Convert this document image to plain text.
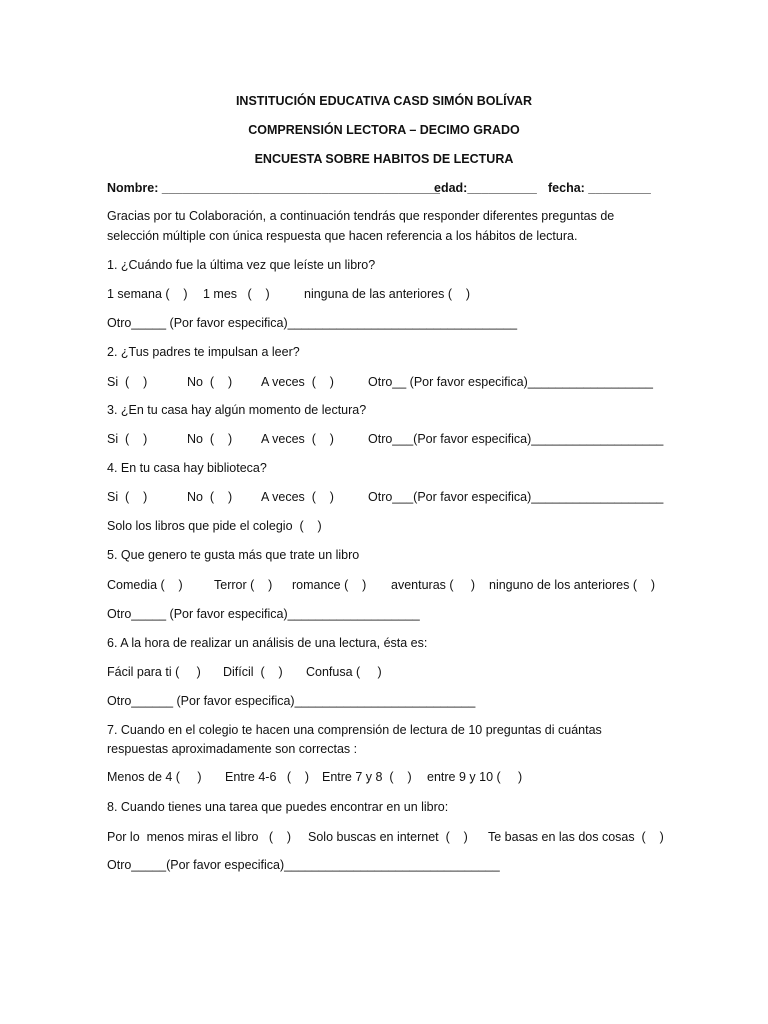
INSTITUCIÓN EDUCATIVA CASD SIMÓN BOLÍVAR
COMPRENSIÓN LECTORA – DECIMO GRADO
ENCUESTA SOBRE HABITOS DE LECTURA
Nombre: ________________________________________
edad:__________ fecha: _________
Gracias por tu Colaboración, a continuación tendrás que responder diferentes preguntas de
selección múltiple con única respuesta que hacen referencia a los hábitos de lectura.
1. ¿Cuándo fue la última vez que leíste un libro?
1 semana (    ) 1 mes   (    )	ninguna de las anteriores (    )
Otro_____ (Por favor especifica)_________________________________
2. ¿Tus padres te impulsan a leer?
Si  (    )	No  (    ) A veces  (    )	Otro__ (Por favor especifica)__________________
3. ¿En tu casa hay algún momento de lectura?
Si  (    )	No  (    ) A veces  (    )	Otro___(Por favor especifica)___________________
4. En tu casa hay biblioteca?
Si  (    )	No  (    ) A veces  (    )	Otro___(Por favor especifica)___________________
Solo los libros que pide el colegio  (    )
5. Que genero te gusta más que trate un libro
Comedia (    )	Terror (    ) romance (    ) aventuras (     ) ninguno de los anteriores (    )
Otro_____ (Por favor especifica)___________________
6. A la hora de realizar un análisis de una lectura, ésta es:
Fácil para ti (     ) Difícil  (    ) Confusa (     )
Otro______ (Por favor especifica)__________________________
7. Cuando en el colegio te hacen una comprensión de lectura de 10 preguntas di cuántas
respuestas aproximadamente son correctas :
Menos de 4 (     ) Entre 4-6   (    ) Entre 7 y 8  (    ) entre 9 y 10 (     )
8. Cuando tienes una tarea que puedes encontrar en un libro:
Por lo  menos miras el libro   (    ) Solo buscas en internet  (    ) Te basas en las dos cosas  (    )
Otro_____(Por favor especifica)_______________________________
